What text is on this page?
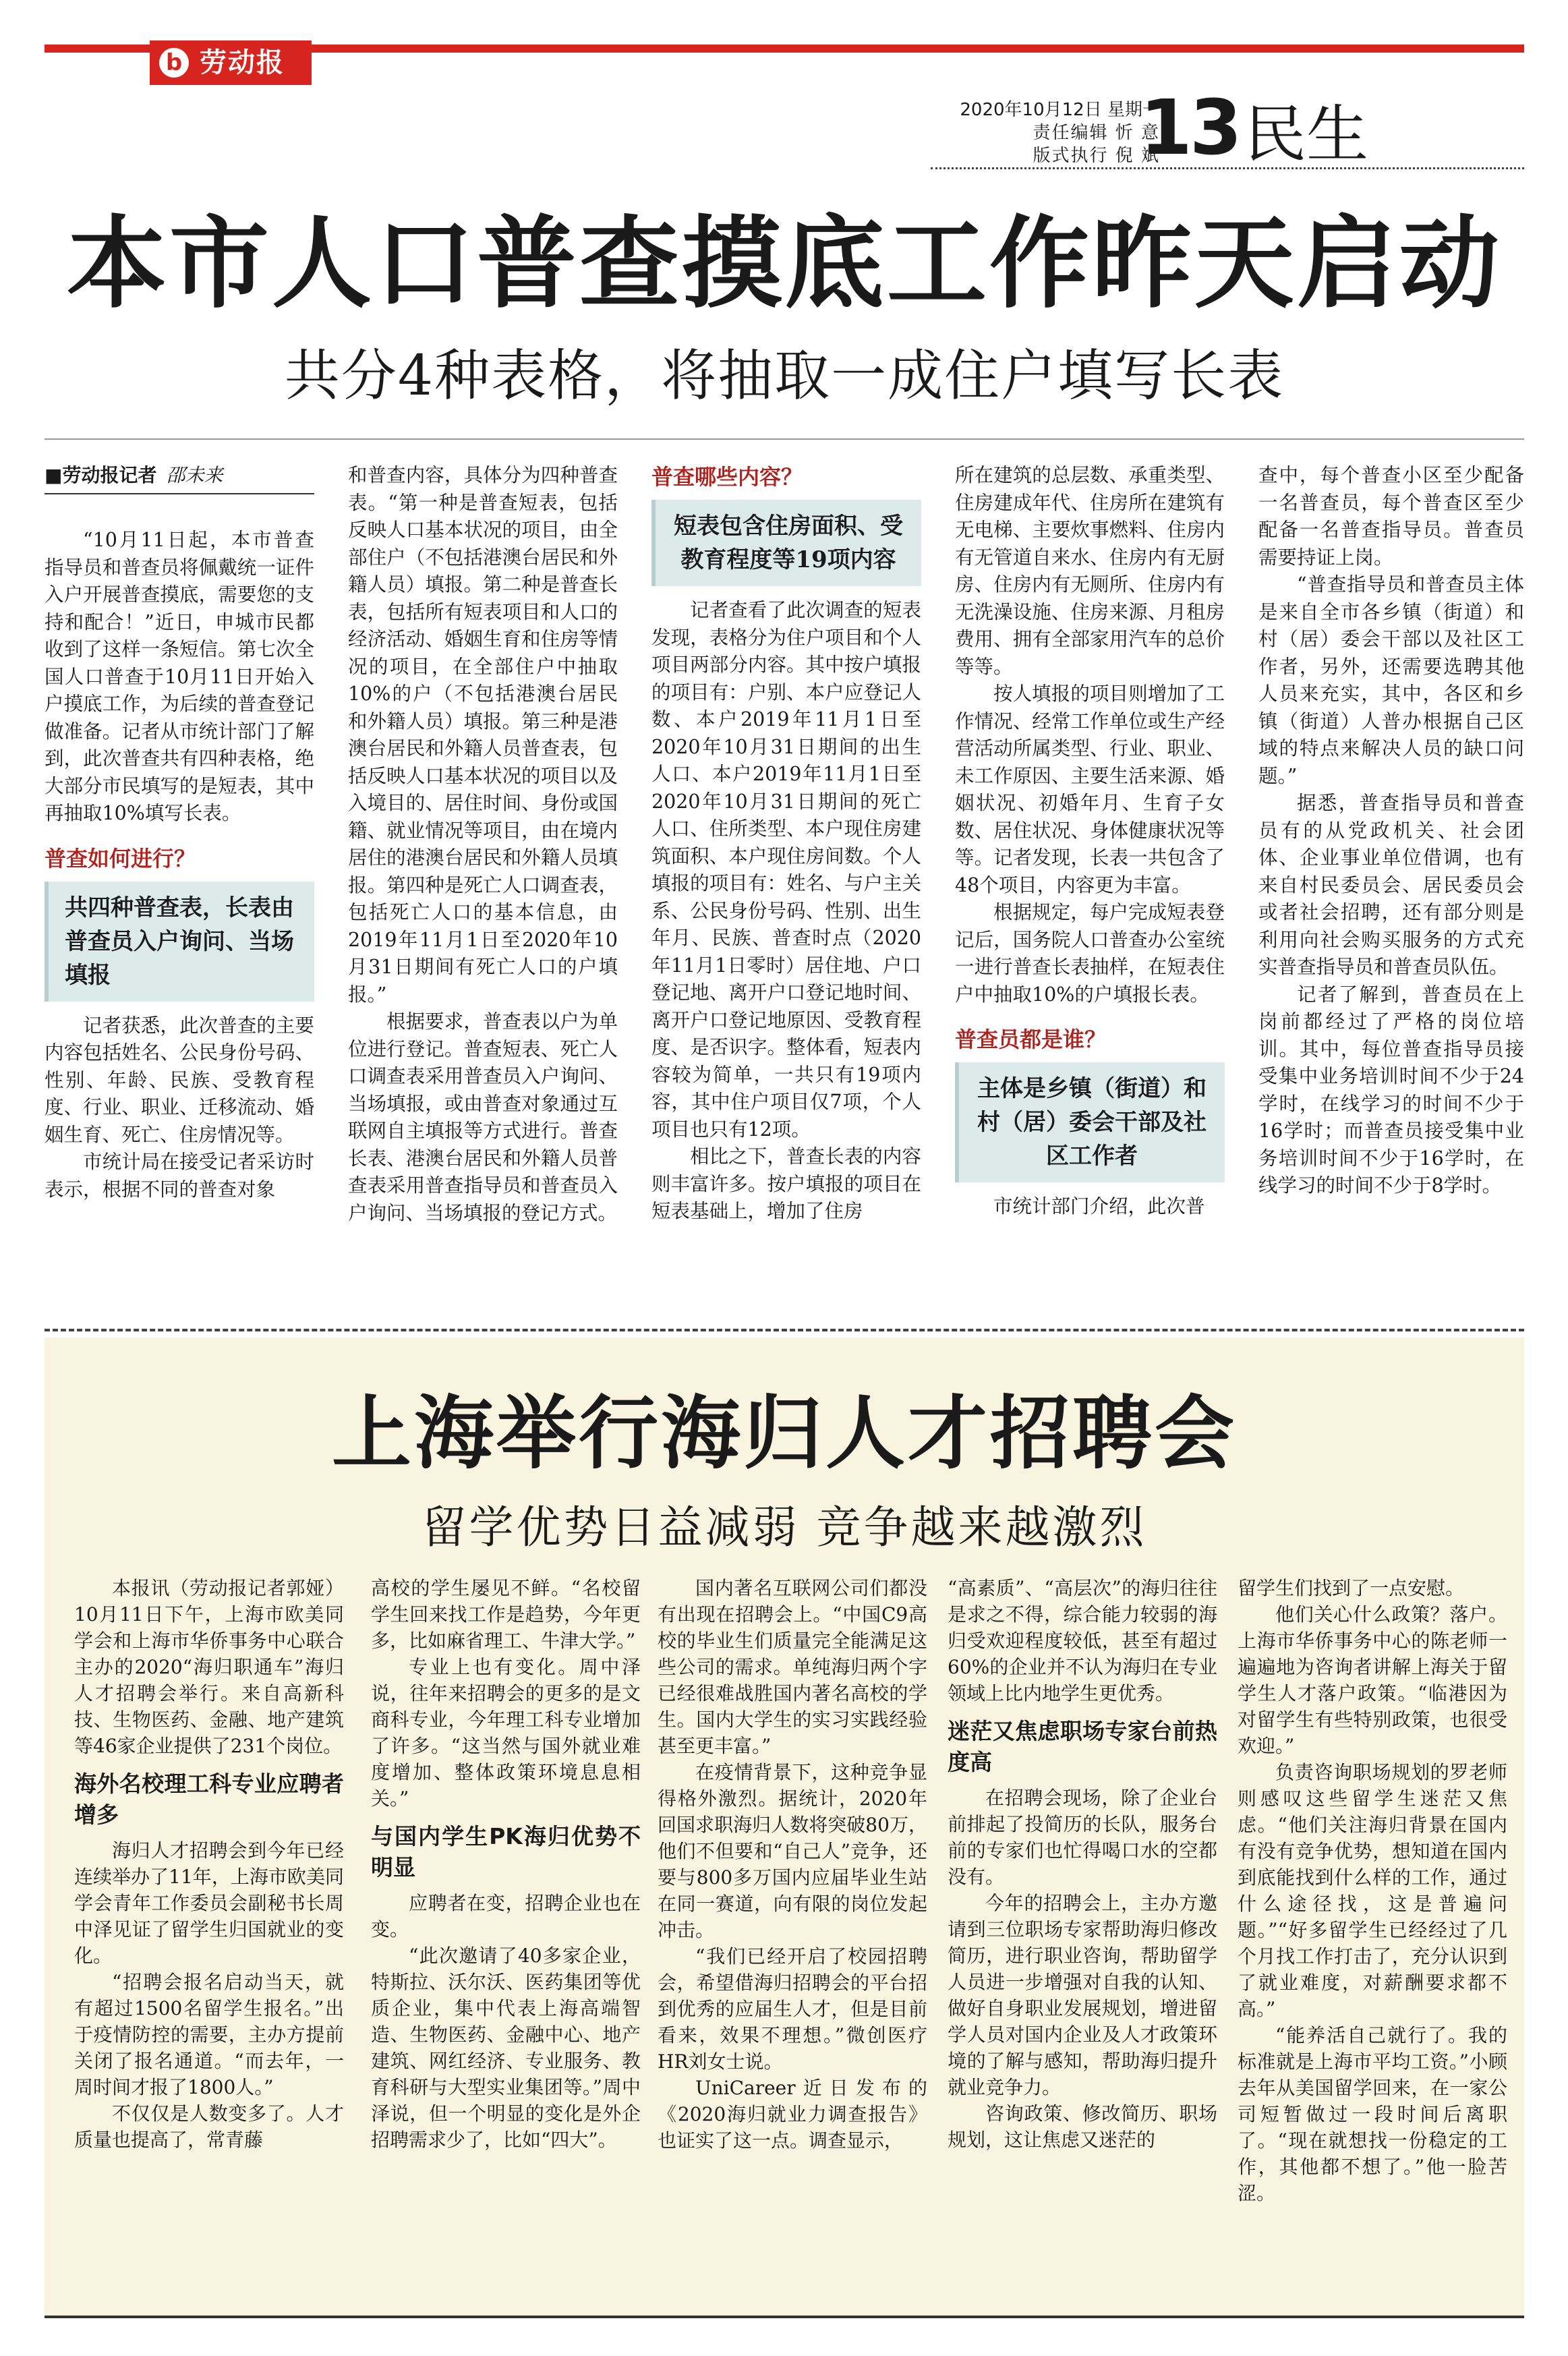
b 劳动报
2020年10月12日 星期一
责任编辑 忻 意
版式执行 倪 斌
13 民生
本市人口普查摸底工作昨天启动
共分4种表格，将抽取一成住户填写长表
■劳动报记者 邵未来

“10月11日起，本市普查指导员和普查员将佩戴统一证件入户开展普查摸底，需要您的支持和配合！”近日，申城市民都收到了这样一条短信。第七次全国人口普查于10月11日开始入户摸底工作，为后续的普查登记做准备。记者从市统计部门了解到，此次普查共有四种表格，绝大部分市民填写的是短表，其中再抽取10%填写长表。

普查如何进行？
共四种普查表，长表由普查员入户询问、当场填报

记者获悉，此次普查的主要内容包括姓名、公民身份号码、性别、年龄、民族、受教育程度、行业、职业、迁移流动、婚姻生育、死亡、住房情况等。

市统计局在接受记者采访时表示，根据不同的普查对象

和普查内容，具体分为四种普查表。“第一种是普查短表，包括反映人口基本状况的项目，由全部住户（不包括港澳台居民和外籍人员）填报。第二种是普查长表，包括所有短表项目和人口的经济活动、婚姻生育和住房等情况的项目，在全部住户中抽取10%的户（不包括港澳台居民和外籍人员）填报。第三种是港澳台居民和外籍人员普查表，包括反映人口基本状况的项目以及入境目的、居住时间、身份或国籍、就业情况等项目，由在境内居住的港澳台居民和外籍人员填报。第四种是死亡人口调查表，包括死亡人口的基本信息，由2019年11月1日至2020年10月31日期间有死亡人口的户填报。”

根据要求，普查表以户为单位进行登记。普查短表、死亡人口调查表采用普查员入户询问、当场填报，或由普查对象通过互联网自主填报等方式进行。普查长表、港澳台居民和外籍人员普查表采用普查指导员和普查员入户询问、当场填报的登记方式。

普查哪些内容？
短表包含住房面积、受教育程度等19项内容

记者查看了此次调查的短表发现，表格分为住户项目和个人项目两部分内容。其中按户填报的项目有：户别、本户应登记人数、本户2019年11月1日至2020年10月31日期间的出生人口、本户2019年11月1日至2020年10月31日期间的死亡人口、住所类型、本户现住房建筑面积、本户现住房间数。个人填报的项目有：姓名、与户主关系、公民身份号码、性别、出生年月、民族、普查时点（2020年11月1日零时）居住地、户口登记地、离开户口登记地时间、离开户口登记地原因、受教育程度、是否识字。整体看，短表内容较为简单，一共只有19项内容，其中住户项目仅7项，个人项目也只有12项。

相比之下，普查长表的内容则丰富许多。按户填报的项目在短表基础上，增加了住房

所在建筑的总层数、承重类型、住房建成年代、住房所在建筑有无电梯、主要炊事燃料、住房内有无管道自来水、住房内有无厨房、住房内有无厕所、住房内有无洗澡设施、住房来源、月租房费用、拥有全部家用汽车的总价等等。

按人填报的项目则增加了工作情况、经常工作单位或生产经营活动所属类型、行业、职业、未工作原因、主要生活来源、婚姻状况、初婚年月、生育子女数、居住状况、身体健康状况等等。记者发现，长表一共包含了48个项目，内容更为丰富。

根据规定，每户完成短表登记后，国务院人口普查办公室统一进行普查长表抽样，在短表住户中抽取10%的户填报长表。

普查员都是谁？
主体是乡镇（街道）和村（居）委会干部及社区工作者

市统计部门介绍，此次普

查中，每个普查小区至少配备一名普查员，每个普查区至少配备一名普查指导员。普查员需要持证上岗。

“普查指导员和普查员主体是来自全市各乡镇（街道）和村（居）委会干部以及社区工作者，另外，还需要选聘其他人员来充实，其中，各区和乡镇（街道）人普办根据自己区域的特点来解决人员的缺口问题。”

据悉，普查指导员和普查员有的从党政机关、社会团体、企业事业单位借调，也有来自村民委员会、居民委员会或者社会招聘，还有部分则是利用向社会购买服务的方式充实普查指导员和普查员队伍。

记者了解到，普查员在上岗前都经过了严格的岗位培训。其中，每位普查指导员接受集中业务培训时间不少于24学时，在线学习的时间不少于16学时；而普查员接受集中业务培训时间不少于16学时，在线学习的时间不少于8学时。

上海举行海归人才招聘会
留学优势日益减弱 竞争越来越激烈

本报讯（劳动报记者郭娅）10月11日下午，上海市欧美同学会和上海市华侨事务中心联合主办的2020“海归职通车”海归人才招聘会举行。来自高新科技、生物医药、金融、地产建筑等46家企业提供了231个岗位。

海外名校理工科专业应聘者增多

海归人才招聘会到今年已经连续举办了11年，上海市欧美同学会青年工作委员会副秘书长周中泽见证了留学生归国就业的变化。

“招聘会报名启动当天，就有超过1500名留学生报名。”出于疫情防控的需要，主办方提前关闭了报名通道。“而去年，一周时间才报了1800人。”

不仅仅是人数变多了。人才质量也提高了，常青藤

高校的学生屡见不鲜。“名校留学生回来找工作是趋势，今年更多，比如麻省理工、牛津大学。”

专业上也有变化。周中泽说，往年来招聘会的更多的是文商科专业，今年理工科专业增加了许多。“这当然与国外就业难度增加、整体政策环境息息相关。”

与国内学生PK海归优势不明显

应聘者在变，招聘企业也在变。

“此次邀请了40多家企业，特斯拉、沃尔沃、医药集团等优质企业，集中代表上海高端智造、生物医药、金融中心、地产建筑、网红经济、专业服务、教育科研与大型实业集团等。”周中泽说，但一个明显的变化是外企招聘需求少了，比如“四大”。

国内著名互联网公司们都没有出现在招聘会上。“中国C9高校的毕业生们质量完全能满足这些公司的需求。单纯海归两个字已经很难战胜国内著名高校的学生。国内大学生的实习实践经验甚至更丰富。”

在疫情背景下，这种竞争显得格外激烈。据统计，2020年回国求职海归人数将突破80万，他们不但要和“自己人”竞争，还要与800多万国内应届毕业生站在同一赛道，向有限的岗位发起冲击。

“我们已经开启了校园招聘会，希望借海归招聘会的平台招到优秀的应届生人才，但是目前看来，效果不理想。”微创医疗HR刘女士说。

UniCareer近日发布的《2020海归就业力调查报告》也证实了这一点。调查显示，

“高素质”、“高层次”的海归往往是求之不得，综合能力较弱的海归受欢迎程度较低，甚至有超过60%的企业并不认为海归在专业领域上比内地学生更优秀。

迷茫又焦虑职场专家台前热度高

在招聘会现场，除了企业台前排起了投简历的长队，服务台前的专家们也忙得喝口水的空都没有。

今年的招聘会上，主办方邀请到三位职场专家帮助海归修改简历，进行职业咨询，帮助留学人员进一步增强对自我的认知、做好自身职业发展规划，增进留学人员对国内企业及人才政策环境的了解与感知，帮助海归提升就业竞争力。

咨询政策、修改简历、职场规划，这让焦虑又迷茫的

留学生们找到了一点安慰。

他们关心什么政策？落户。上海市华侨事务中心的陈老师一遍遍地为咨询者讲解上海关于留学生人才落户政策。“临港因为对留学生有些特别政策，也很受欢迎。”

负责咨询职场规划的罗老师则感叹这些留学生迷茫又焦虑。“他们关注海归背景在国内有没有竞争优势，想知道在国内到底能找到什么样的工作，通过什么途径找，这是普遍问题。”“好多留学生已经经过了几个月找工作打击了，充分认识到了就业难度，对薪酬要求都不高。”

“能养活自己就行了。我的标准就是上海市平均工资。”小顾去年从美国留学回来，在一家公司短暂做过一段时间后离职了。“现在就想找一份稳定的工作，其他都不想了。”他一脸苦涩。
